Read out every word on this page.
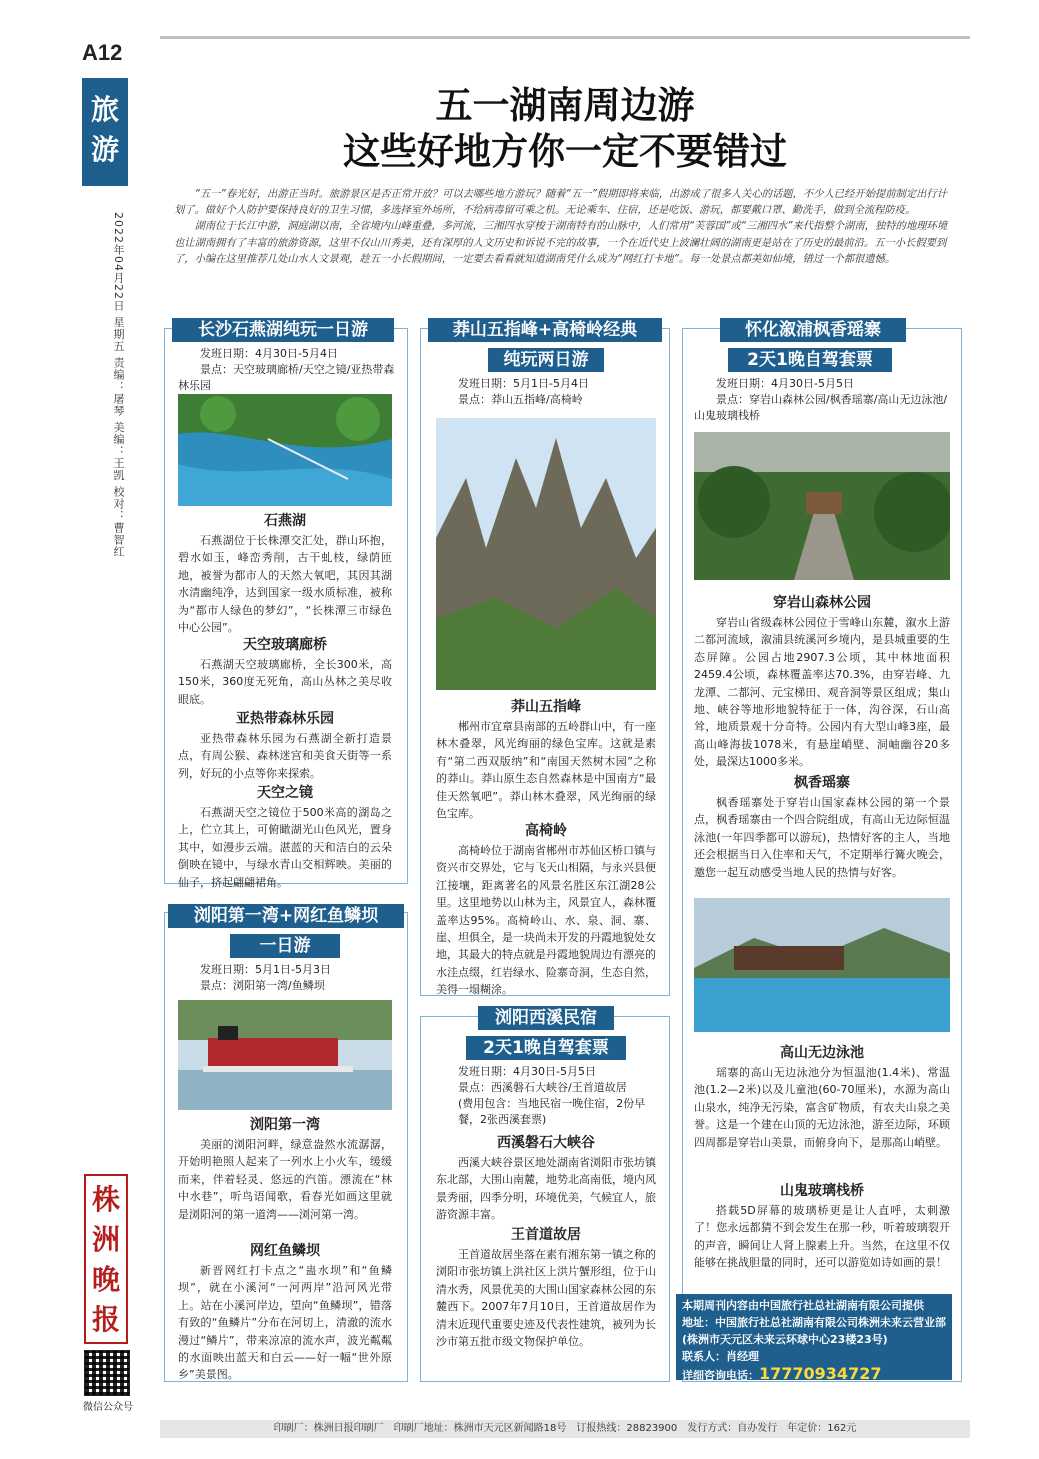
A12
旅游
2022年04月22日 星期五 责编：屠琴 美编：王凯 校对：曹智红
株洲晚报
微信公众号
五一湖南周边游
这些好地方你一定不要错过

“五一”春光好，出游正当时。旅游景区是否正常开放？可以去哪些地方游玩？随着“五一”假期即将来临，出游成了很多人关心的话题，不少人已经开始提前制定出行计划了。做好个人防护要保持良好的卫生习惯，多选择室外场所，不给病毒留可乘之机。无论乘车、住宿，还是吃饭、游玩，都要戴口罩、勤洗手，做到全流程防疫。

湖南位于长江中游，洞庭湖以南，全省境内山峰重叠，多河流，三湘四水穿梭于湖南特有的山脉中，人们常用“芙蓉国”或“三湘四水”来代指整个湖南，独特的地理环境也让湖南拥有了丰富的旅游资源，这里不仅山川秀美，还有深厚的人文历史和诉说不完的故事，一个在近代史上波澜壮阔的湖南更是站在了历史的最前沿。五一小长假要到了，小编在这里推荐几处山水人文景观，趁五一小长假期间，一定要去看看就知道湖南凭什么成为“网红打卡地”。每一处景点都美如仙境，错过一个都很遗憾。

长沙石燕湖纯玩一日游
发班日期：4月30日-5月4日
景点：天空玻璃廊桥/天空之镜/亚热带森林乐园
石燕湖
石燕湖位于长株潭交汇处，群山环抱，碧水如玉，峰峦秀削，古干虬枝，绿荫匝地，被誉为都市人的天然大氧吧，其因其湖水清幽纯净，达到国家一级水质标准，被称为“都市人绿色的梦幻”，“长株潭三市绿色中心公园”。
天空玻璃廊桥
石燕湖天空玻璃廊桥，全长300米，高150米，360度无死角，高山丛林之美尽收眼底。
亚热带森林乐园
亚热带森林乐园为石燕湖全新打造景点，有周公猴、森林迷宫和美食天街等一系列，好玩的小点等你来探索。
天空之镜
石燕湖天空之镜位于500米高的湖岛之上，伫立其上，可俯瞰湖光山色风光，置身其中，如漫步云端。湛蓝的天和洁白的云朵倒映在镜中，与绿水青山交相辉映。美丽的仙子，挤起翩翩裙角。
浏阳第一湾+网红鱼鳞坝
一日游
发班日期：5月1日-5月3日
景点：浏阳第一湾/鱼鳞坝
浏阳第一湾
美丽的浏阳河畔，绿意盎然水流潺潺，开始明艳照人起来了一列水上小火车，缓缓而来，伴着轻灵、悠远的汽笛。漂流在“林中水巷”，听鸟语闻歌，看春光如画这里就是浏阳河的第一道湾——浏河第一湾。
网红鱼鳞坝
新晋网红打卡点之“蛊水坝”和“鱼鳞坝”，就在小溪河“一河两岸”沿河风光带上。站在小溪河岸边，望向“鱼鳞坝”，错落有致的“鱼鳞片”分布在河切上，清澈的流水漫过“鳞片”，带来凉凉的流水声，波光粼粼的水面映出蓝天和白云——好一幅“世外原乡”美景图。
莽山五指峰+高椅岭经典
纯玩两日游
发班日期：5月1日-5月4日
景点：莽山五指峰/高椅岭
莽山五指峰
郴州市宜章县南部的五岭群山中，有一座林木叠翠，风光绚丽的绿色宝库。这就是素有“第二西双版纳”和“南国天然树木园”之称的莽山。莽山原生态自然森林是中国南方“最佳天然氧吧”。莽山林木叠翠，风光绚丽的绿色宝库。
高椅岭
高椅岭位于湖南省郴州市苏仙区桥口镇与资兴市交界处，它与飞天山相隔，与永兴县便江接壤，距离著名的风景名胜区东江湖28公里。这里地势以山林为主，风景宜人，森林覆盖率达95%。高椅岭山、水、泉、洞、寨、崖、坦俱全，是一块尚未开发的丹霞地貌处女地，其最大的特点就是丹霞地貌周边有漂亮的水洼点缀，红岩绿水、险寨奇洞，生态自然，美得一塌糊涂。
浏阳西溪民宿
2天1晚自驾套票
发班日期：4月30日-5月5日
景点：西溪磐石大峡谷/王首道故居
(费用包含：当地民宿一晚住宿，2份早餐，2张西溪套票)
西溪磐石大峡谷
西溪大峡谷景区地处湖南省浏阳市张坊镇东北部，大围山南麓，地势北高南低，境内风景秀丽，四季分明，环境优美，气候宜人，旅游资源丰富。
王首道故居
王首道故居坐落在素有湘东第一镇之称的浏阳市张坊镇上洪社区上洪片蟹形组，位于山清水秀，风景优美的大围山国家森林公园的东麓西下。2007年7月10日，王首道故居作为清末近现代重要史迹及代表性建筑，被列为长沙市第五批市级文物保护单位。
怀化溆浦枫香瑶寨
2天1晚自驾套票
发班日期：4月30日-5月5日
景点：穿岩山森林公园/枫香瑶寨/高山无边泳池/山鬼玻璃栈桥
穿岩山森林公园
穿岩山省级森林公园位于雪峰山东麓，溆水上游二都河流域，溆浦县统溪河乡境内，是县城重要的生态屏障。公园占地2907.3公顷，其中林地面积2459.4公顷，森林覆盖率达70.3%，由穿岩峰、九龙潭、二都河、元宝梯田、观音洞等景区组成；集山地、峡谷等地形地貌特征于一体，沟谷深，石山高耸，地质景观十分奇特。公园内有大型山峰3座，最高山峰海拔1078米，有悬崖峭壁、洞岫幽谷20多处，最深达1000多米。
枫香瑶寨
枫香瑶寨处于穿岩山国家森林公园的第一个景点，枫香瑶寨由一个四合院组成，有高山无边际恒温泳池(一年四季都可以游玩)，热情好客的主人，当地还会根据当日入住率和天气，不定期举行篝火晚会，邀您一起互动感受当地人民的热情与好客。
高山无边泳池
瑶寨的高山无边泳池分为恒温池(1.4米)、常温池(1.2—2米)以及儿童池(60-70厘米)，水源为高山山泉水，纯净无污染，富含矿物质，有农夫山泉之美誉。这是一个建在山顶的无边泳池，游至边际，环顾四周都是穿岩山美景，而俯身向下，是那高山峭壁。
山鬼玻璃栈桥
搭载5D屏幕的玻璃桥更是让人直呼，太刺激了！您永远都猜不到会发生在那一秒，听着玻璃裂开的声音，瞬间让人肾上腺素上升。当然，在这里不仅能够在挑战胆量的同时，还可以游览如诗如画的景！
本期周刊内容由中国旅行社总社湖南有限公司提供
地址：中国旅行社总社湖南有限公司株洲未来云营业部
(株洲市天元区未来云环球中心23楼23号)
联系人：肖经理
详细咨询电话：17770934727
印刷厂：株洲日报印刷厂　印刷厂地址：株洲市天元区新闻路18号　订报热线：28823900　发行方式：自办发行　年定价：162元
